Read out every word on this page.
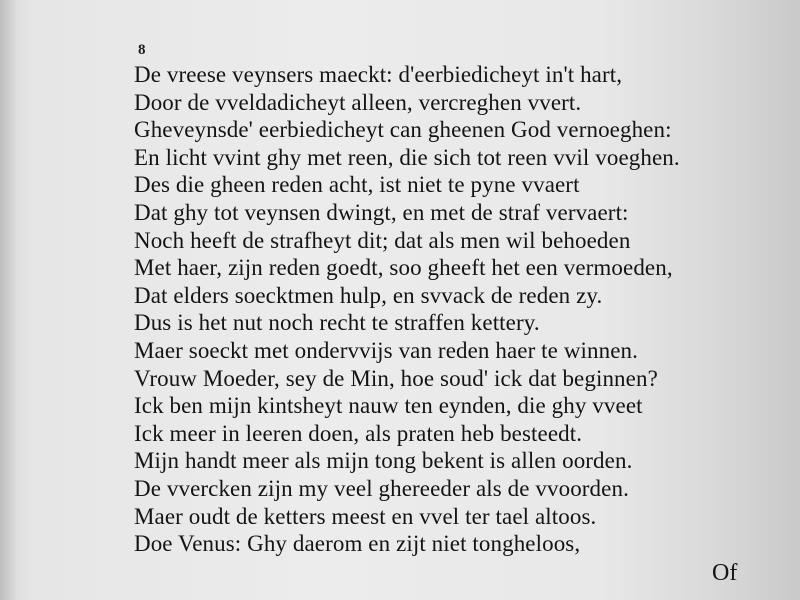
8
De vreese veynsers maeckt: d'eerbiedicheyt in't hart,
Door de vveldadicheyt alleen, vercreghen vvert.
Gheveynsde' eerbiedicheyt can gheenen God vernoeghen:
En licht vvint ghy met reen, die sich tot reen vvil voeghen.
Des die gheen reden acht, ist niet te pyne vvaert
Dat ghy tot veynsen dwingt, en met de straf vervaert:
Noch heeft de strafheyt dit; dat als men wil behoeden
Met haer, zijn reden goedt, soo gheeft het een vermoeden,
Dat elders soecktmen hulp, en svvack de reden zy.
Dus is het nut noch recht te straffen kettery.
Maer soeckt met ondervvijs van reden haer te winnen.
Vrouw Moeder, sey de Min, hoe soud' ick dat beginnen?
Ick ben mijn kintsheyt nauw ten eynden, die ghy vveet
Ick meer in leeren doen, als praten heb besteedt.
Mijn handt meer als mijn tong bekent is allen oorden.
De vvercken zijn my veel ghereeder als de vvoorden.
Maer oudt de ketters meest en vvel ter tael altoos.
Doe Venus: Ghy daerom en zijt niet tongheloos,
Of
